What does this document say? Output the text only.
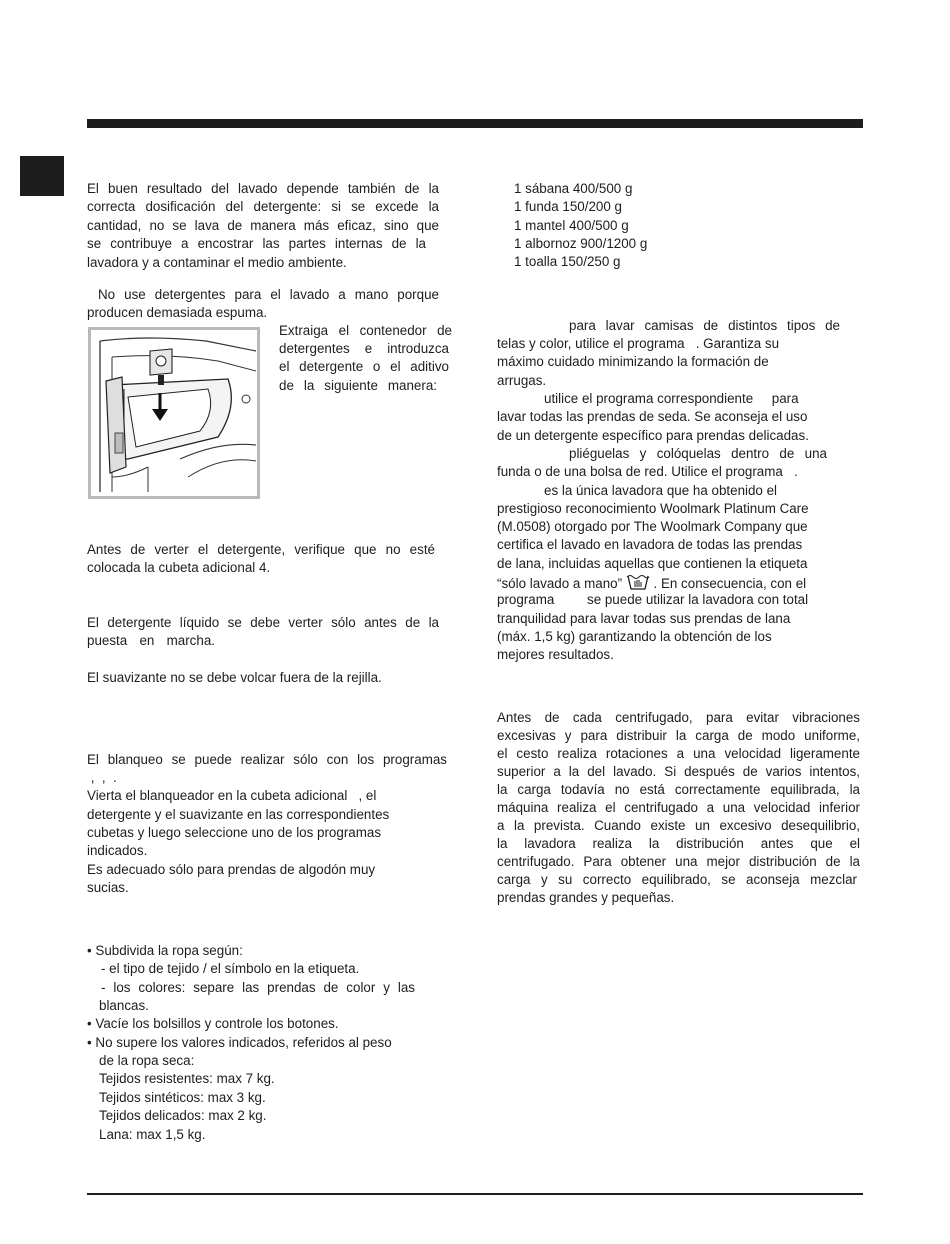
El buen resultado del lavado depende también de la
correcta dosificación del detergente: si se excede la
cantidad, no se lava de manera más eficaz, sino que
se contribuye a encostrar las partes internas de la
lavadora y a contaminar el medio ambiente.
No use detergentes para el lavado a mano porque
producen demasiada espuma.
Extraiga el contenedor de
detergentes e introduzca
el detergente o el aditivo
de la siguiente manera:
Antes de verter el detergente, verifique que no esté
colocada la cubeta adicional 4.
El detergente líquido se debe verter sólo antes de la
puesta en marcha.
El suavizante no se debe volcar fuera de la rejilla.
El blanqueo se puede realizar sólo con los programas
,  ,  .
Vierta el blanqueador en la cubeta adicional   , el
detergente y el suavizante en las correspondientes
cubetas y luego seleccione uno de los programas
indicados.
Es adecuado sólo para prendas de algodón muy
sucias.
• Subdivida la ropa según:
- el tipo de tejido / el símbolo en la etiqueta.
- los colores: separe las prendas de color y las
blancas.
• Vacíe los bolsillos y controle los botones.
• No supere los valores indicados, referidos al peso
de la ropa seca:
Tejidos resistentes: max 7 kg.
Tejidos sintéticos: max 3 kg.
Tejidos delicados: max 2 kg.
Lana: max 1,5 kg.
1 sábana 400/500 g
1 funda 150/200 g
1 mantel 400/500 g
1 albornoz 900/1200 g
1 toalla 150/250 g
para lavar camisas de distintos tipos de
telas y color, utilice el programa   . Garantiza su
máximo cuidado minimizando la formación de
arrugas.
utilice el programa correspondiente     para
lavar todas las prendas de seda. Se aconseja el uso
de un detergente específico para prendas delicadas.
pliéguelas y colóquelas dentro de una
funda o de una bolsa de red. Utilice el programa   .
es la única lavadora que ha obtenido el
prestigioso reconocimiento Woolmark Platinum Care
(M.0508) otorgado por The Woolmark Company que
certifica el lavado en lavadora de todas las prendas
de lana, incluidas aquellas que contienen la etiqueta
“sólo lavado a mano” . En consecuencia, con el
programa se puede utilizar la lavadora con total
tranquilidad para lavar todas sus prendas de lana
(máx. 1,5 kg) garantizando la obtención de los
mejores resultados.
Antes de cada centrifugado, para evitar vibraciones
excesivas y para distribuir la carga de modo uniforme,
el cesto realiza rotaciones a una velocidad ligeramente
superior a la del lavado. Si después de varios intentos,
la carga todavía no está correctamente equilibrada, la
máquina realiza el centrifugado a una velocidad inferior
a la prevista. Cuando existe un excesivo desequilibrio,
la lavadora realiza la distribución antes que el
centrifugado. Para obtener una mejor distribución de la
carga y su correcto equilibrado, se aconseja mezclar
prendas grandes y pequeñas.
